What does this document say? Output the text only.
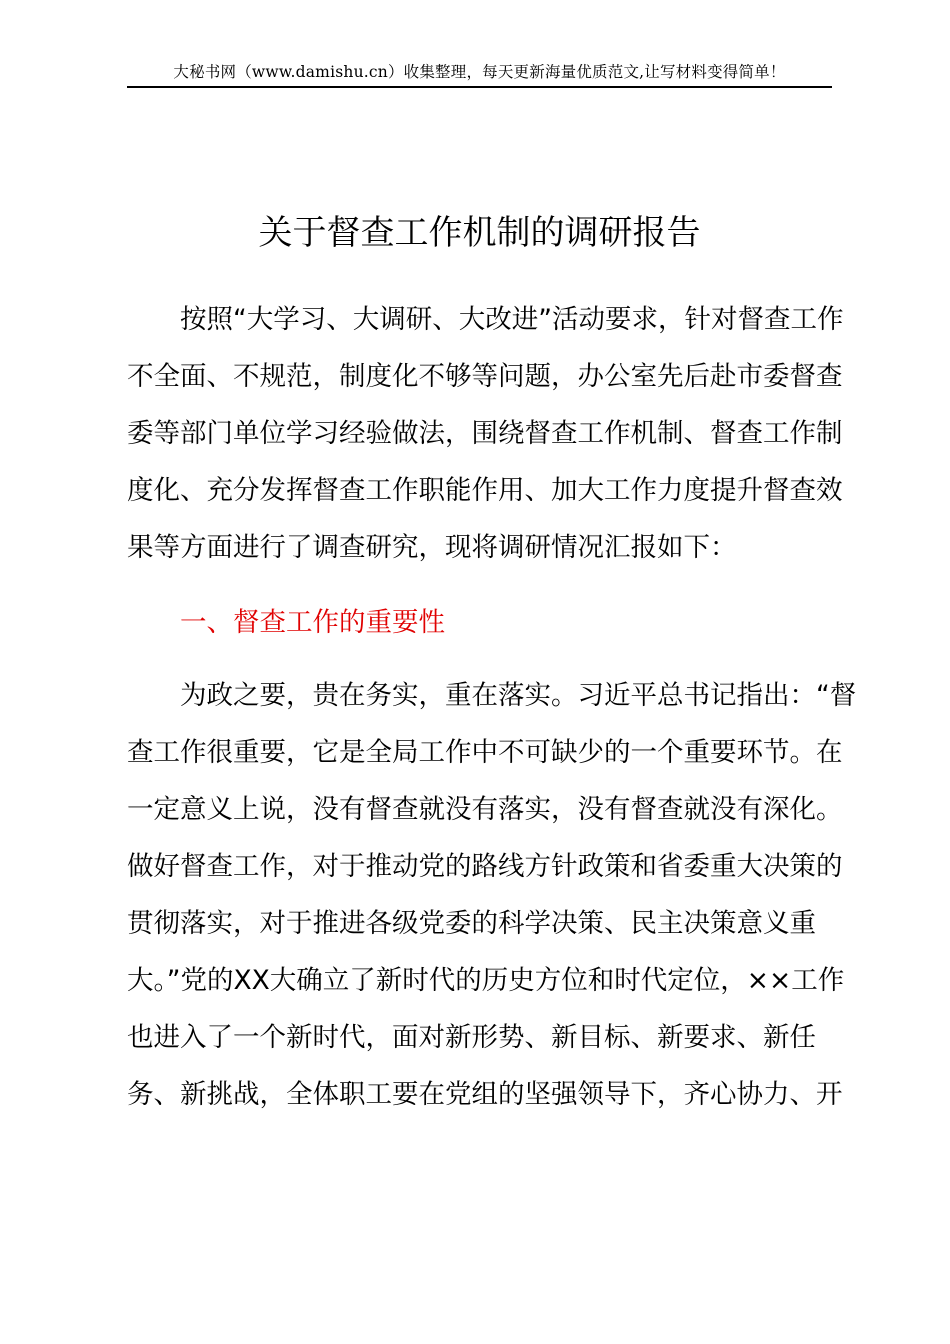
大秘书网（www.damishu.cn）收集整理，每天更新海量优质范文,让写材料变得简单！
关于督查工作机制的调研报告
按照“大学习、大调研、大改进”活动要求，针对督查工作
不全面、不规范，制度化不够等问题，办公室先后赴市委督查
委等部门单位学习经验做法，围绕督查工作机制、督查工作制
度化、充分发挥督查工作职能作用、加大工作力度提升督查效
果等方面进行了调查研究，现将调研情况汇报如下：
一、督查工作的重要性
为政之要，贵在务实，重在落实。习近平总书记指出：“督
查工作很重要，它是全局工作中不可缺少的一个重要环节。在
一定意义上说，没有督查就没有落实，没有督查就没有深化。
做好督查工作，对于推动党的路线方针政策和省委重大决策的
贯彻落实，对于推进各级党委的科学决策、民主决策意义重
大。”党的XX大确立了新时代的历史方位和时代定位，××工作
也进入了一个新时代，面对新形势、新目标、新要求、新任
务、新挑战，全体职工要在党组的坚强领导下，齐心协力、开
